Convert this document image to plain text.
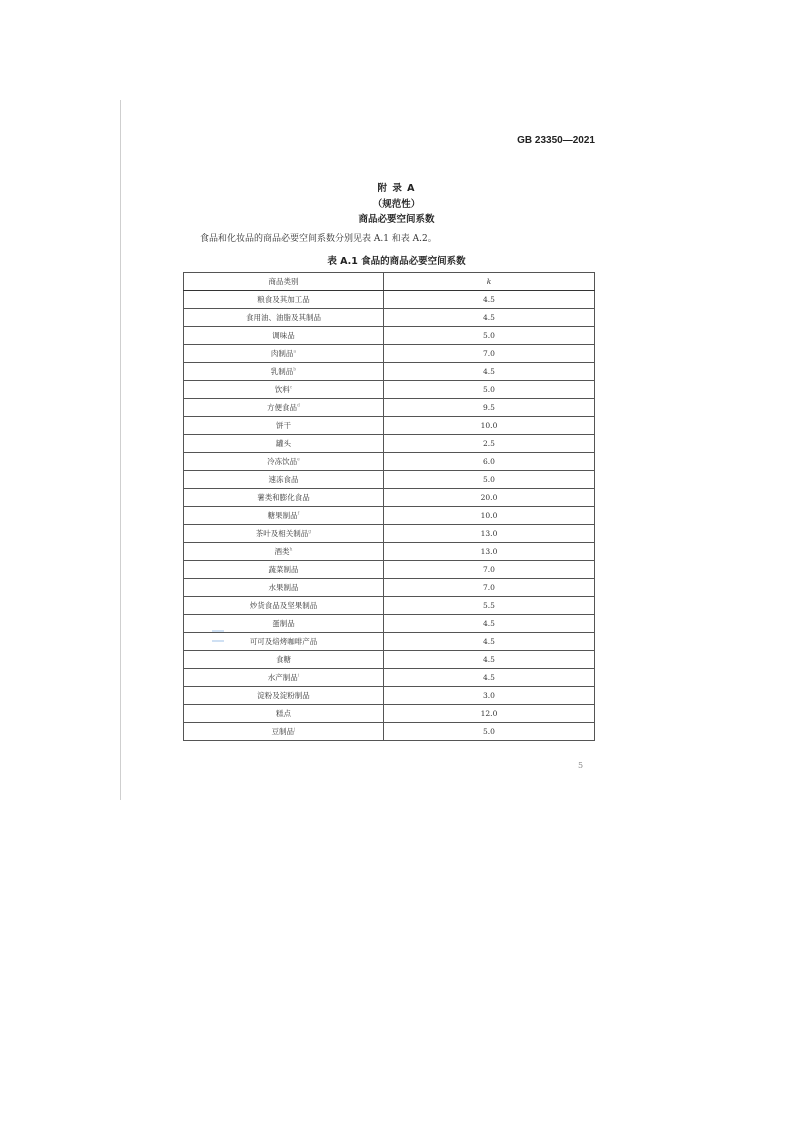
GB 23350—2021
附 录 A
（规范性）
商品必要空间系数
食品和化妆品的商品必要空间系数分别见表 A.1 和表 A.2。
表 A.1 食品的商品必要空间系数
商品类别	k
粮食及其加工品	4.5
食用油、油脂及其制品	4.5
调味品	5.0
肉制品$^a$	7.0
乳制品$^b$	4.5
饮料$^c$	5.0
方便食品$^d$	9.5
饼干	10.0
罐头	2.5
冷冻饮品$^e$	6.0
速冻食品	5.0
薯类和膨化食品	20.0
糖果制品$^f$	10.0
茶叶及相关制品$^g$	13.0
酒类$^h$	13.0
蔬菜制品	7.0
水果制品	7.0
炒货食品及坚果制品	5.5
蛋制品	4.5
可可及焙烤咖啡产品	4.5
食糖	4.5
水产制品$^i$	4.5
淀粉及淀粉制品	3.0
糕点	12.0
豆制品$^j$	5.0
5
